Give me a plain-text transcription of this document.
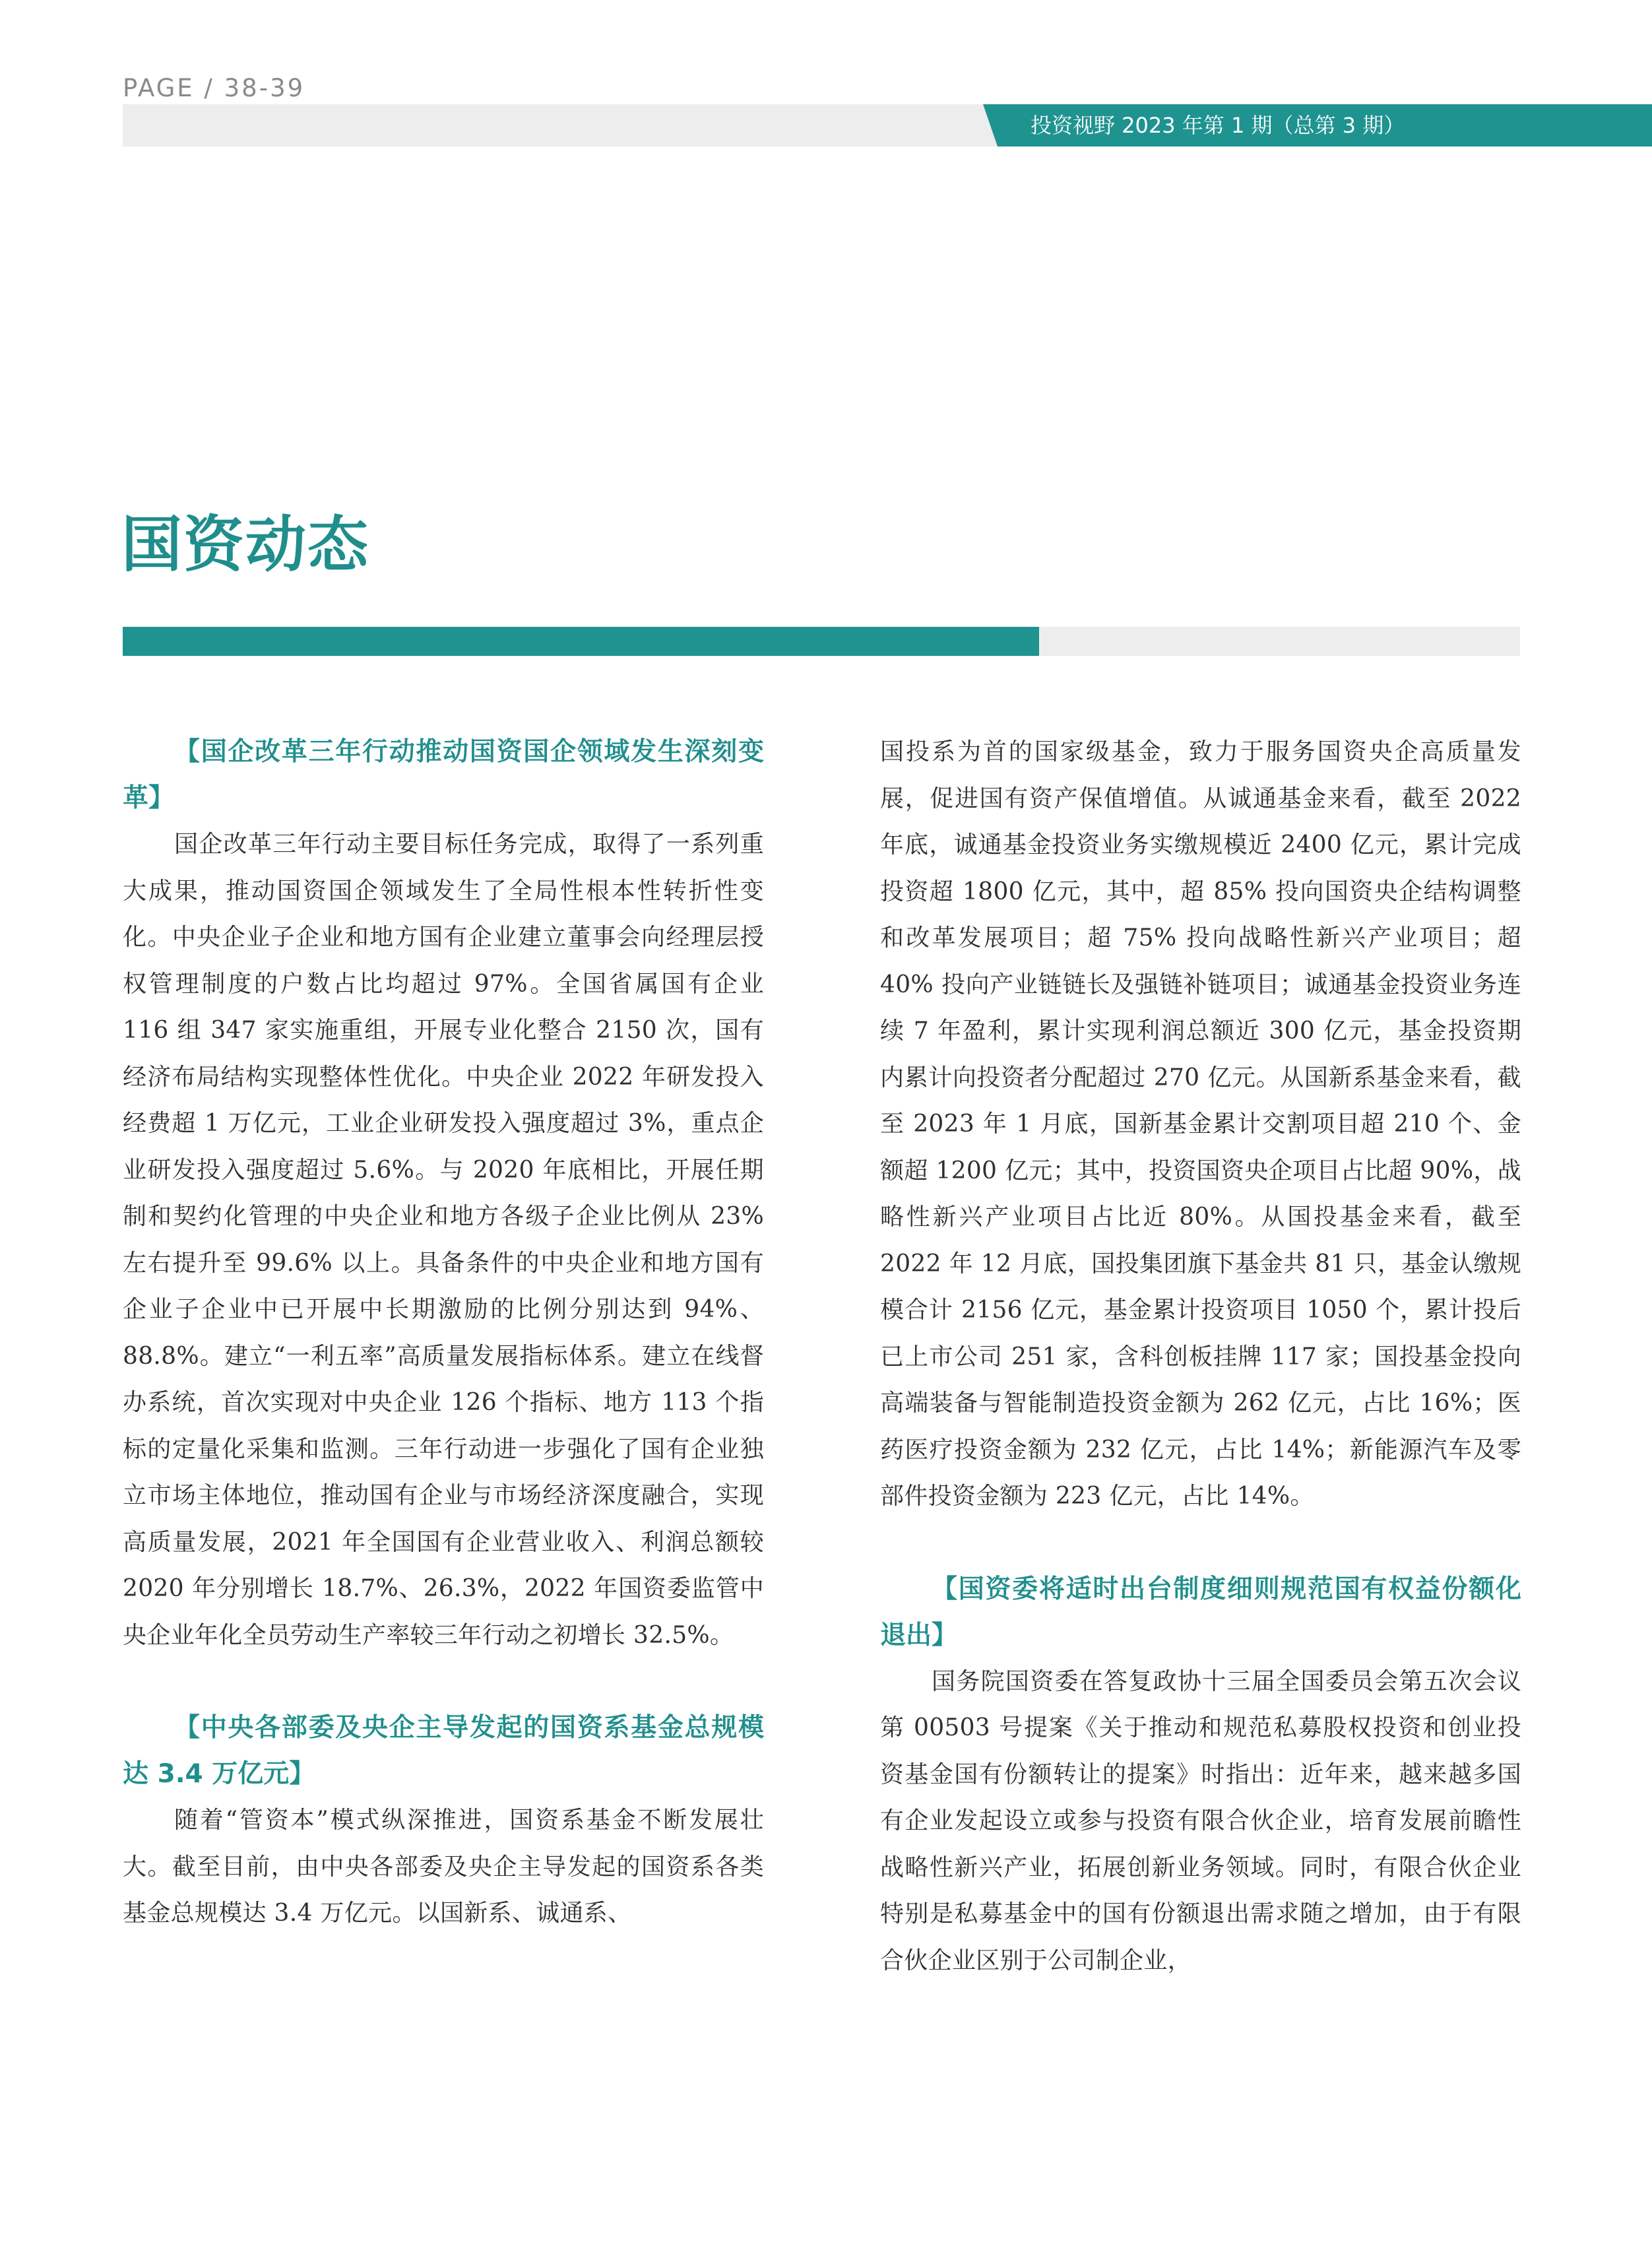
PAGE / 38-39
投资视野 2023 年第 1 期（总第 3 期）
国资动态

【国企改革三年行动推动国资国企领域发生深刻变革】

国企改革三年行动主要目标任务完成，取得了一系列重大成果，推动国资国企领域发生了全局性根本性转折性变化。中央企业子企业和地方国有企业建立董事会向经理层授权管理制度的户数占比均超过 97%。全国省属国有企业 116 组 347 家实施重组，开展专业化整合 2150 次，国有经济布局结构实现整体性优化。中央企业 2022 年研发投入经费超 1 万亿元，工业企业研发投入强度超过 3%，重点企业研发投入强度超过 5.6%。与 2020 年底相比，开展任期制和契约化管理的中央企业和地方各级子企业比例从 23% 左右提升至 99.6% 以上。具备条件的中央企业和地方国有企业子企业中已开展中长期激励的比例分别达到 94%、88.8%。建立“一利五率”高质量发展指标体系。建立在线督办系统，首次实现对中央企业 126 个指标、地方 113 个指标的定量化采集和监测。三年行动进一步强化了国有企业独立市场主体地位，推动国有企业与市场经济深度融合，实现高质量发展，2021 年全国国有企业营业收入、利润总额较 2020 年分别增长 18.7%、26.3%，2022 年国资委监管中央企业年化全员劳动生产率较三年行动之初增长 32.5%。

【中央各部委及央企主导发起的国资系基金总规模达 3.4 万亿元】

随着“管资本”模式纵深推进，国资系基金不断发展壮大。截至目前，由中央各部委及央企主导发起的国资系各类基金总规模达 3.4 万亿元。以国新系、诚通系、

国投系为首的国家级基金，致力于服务国资央企高质量发展，促进国有资产保值增值。从诚通基金来看，截至 2022 年底，诚通基金投资业务实缴规模近 2400 亿元，累计完成投资超 1800 亿元，其中，超 85% 投向国资央企结构调整和改革发展项目；超 75% 投向战略性新兴产业项目；超 40% 投向产业链链长及强链补链项目；诚通基金投资业务连续 7 年盈利，累计实现利润总额近 300 亿元，基金投资期内累计向投资者分配超过 270 亿元。从国新系基金来看，截至 2023 年 1 月底，国新基金累计交割项目超 210 个、金额超 1200 亿元；其中，投资国资央企项目占比超 90%，战略性新兴产业项目占比近 80%。从国投基金来看，截至 2022 年 12 月底，国投集团旗下基金共 81 只，基金认缴规模合计 2156 亿元，基金累计投资项目 1050 个，累计投后已上市公司 251 家，含科创板挂牌 117 家；国投基金投向高端装备与智能制造投资金额为 262 亿元，占比 16%；医药医疗投资金额为 232 亿元，占比 14%；新能源汽车及零部件投资金额为 223 亿元，占比 14%。

【国资委将适时出台制度细则规范国有权益份额化退出】

国务院国资委在答复政协十三届全国委员会第五次会议第 00503 号提案《关于推动和规范私募股权投资和创业投资基金国有份额转让的提案》时指出：近年来，越来越多国有企业发起设立或参与投资有限合伙企业，培育发展前瞻性战略性新兴产业，拓展创新业务领域。同时，有限合伙企业特别是私募基金中的国有份额退出需求随之增加，由于有限合伙企业区别于公司制企业，
